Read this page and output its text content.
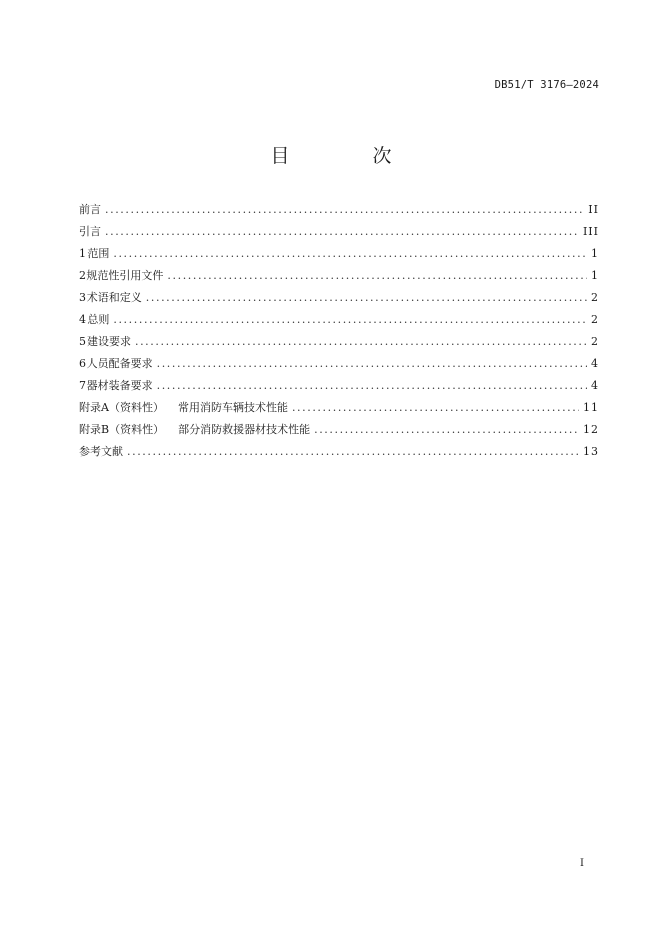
DB51/T 3176—2024
目　次
前言 .....	II
引言 .....	III
1 范围 .....	1
2 规范性引用文件 .....	1
3 术语和定义 .....	2
4 总则 .....	2
5 建设要求 .....	2
6 人员配备要求 .....	4
7 器材装备要求 .....	4
附录A（资料性） 常用消防车辆技术性能 .....	11
附录B（资料性） 部分消防救援器材技术性能 .....	12
参考文献 .....	13
I
